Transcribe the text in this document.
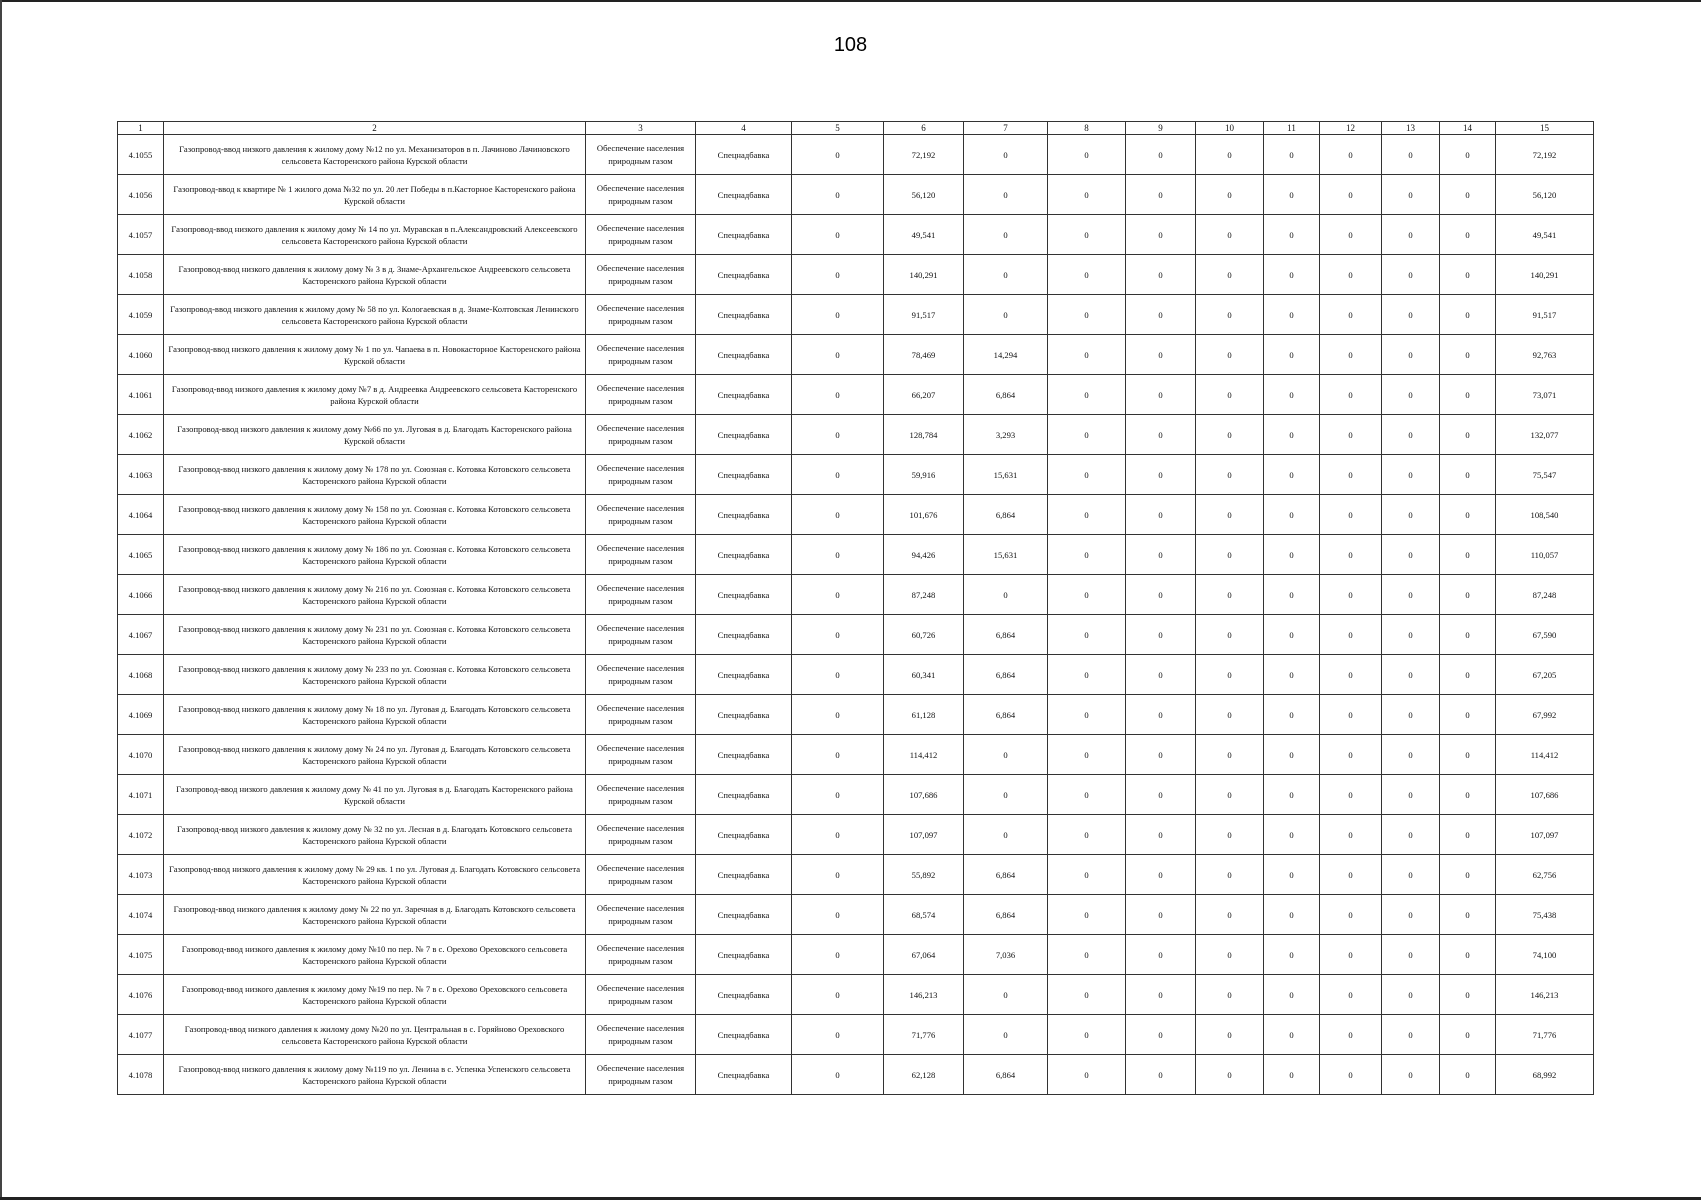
108
1	2	3	4	5	6	7	8	9	10	11	12	13	14	15
4.1055	Газопровод-ввод низкого давления к жилому дому №12 по ул. Механизаторов в п. Лачиново Лачиновского сельсовета Касторенского района Курской области	Обеспечение населения природным газом	Спецнадбавка	0	72,192	0	0	0	0	0	0	0	0	72,192
4.1056	Газопровод-ввод к квартире № 1 жилого дома №32 по ул. 20 лет Победы в п.Касторное Касторенского района Курской области	Обеспечение населения природным газом	Спецнадбавка	0	56,120	0	0	0	0	0	0	0	0	56,120
4.1057	Газопровод-ввод низкого давления к жилому дому № 14 по ул. Муравская в п.Александровский Алексеевского сельсовета Касторенского района Курской области	Обеспечение населения природным газом	Спецнадбавка	0	49,541	0	0	0	0	0	0	0	0	49,541
4.1058	Газопровод-ввод низкого давления к жилому дому № 3 в д. Знаме-Архангельское Андреевского сельсовета Касторенского района Курской области	Обеспечение населения природным газом	Спецнадбавка	0	140,291	0	0	0	0	0	0	0	0	140,291
4.1059	Газопровод-ввод низкого давления к жилому дому № 58 по ул. Кологаевская в д. Знаме-Колтовская Ленинского сельсовета Касторенского района Курской области	Обеспечение населения природным газом	Спецнадбавка	0	91,517	0	0	0	0	0	0	0	0	91,517
4.1060	Газопровод-ввод низкого давления к жилому дому № 1 по ул. Чапаева в п. Новокасторное Касторенского района Курской области	Обеспечение населения природным газом	Спецнадбавка	0	78,469	14,294	0	0	0	0	0	0	0	92,763
4.1061	Газопровод-ввод низкого давления к жилому дому №7 в д. Андреевка Андреевского сельсовета Касторенского района Курской области	Обеспечение населения природным газом	Спецнадбавка	0	66,207	6,864	0	0	0	0	0	0	0	73,071
4.1062	Газопровод-ввод низкого давления к жилому дому №66 по ул. Луговая в д. Благодать Касторенского района Курской области	Обеспечение населения природным газом	Спецнадбавка	0	128,784	3,293	0	0	0	0	0	0	0	132,077
4.1063	Газопровод-ввод низкого давления к жилому дому № 178 по ул. Союзная с. Котовка Котовского сельсовета Касторенского района Курской области	Обеспечение населения природным газом	Спецнадбавка	0	59,916	15,631	0	0	0	0	0	0	0	75,547
4.1064	Газопровод-ввод низкого давления к жилому дому № 158 по ул. Союзная с. Котовка Котовского сельсовета Касторенского района Курской области	Обеспечение населения природным газом	Спецнадбавка	0	101,676	6,864	0	0	0	0	0	0	0	108,540
4.1065	Газопровод-ввод низкого давления к жилому дому № 186 по ул. Союзная с. Котовка Котовского сельсовета Касторенского района Курской области	Обеспечение населения природным газом	Спецнадбавка	0	94,426	15,631	0	0	0	0	0	0	0	110,057
4.1066	Газопровод-ввод низкого давления к жилому дому № 216 по ул. Союзная с. Котовка Котовского сельсовета Касторенского района Курской области	Обеспечение населения природным газом	Спецнадбавка	0	87,248	0	0	0	0	0	0	0	0	87,248
4.1067	Газопровод-ввод низкого давления к жилому дому № 231 по ул. Союзная с. Котовка Котовского сельсовета Касторенского района Курской области	Обеспечение населения природным газом	Спецнадбавка	0	60,726	6,864	0	0	0	0	0	0	0	67,590
4.1068	Газопровод-ввод низкого давления к жилому дому № 233 по ул. Союзная с. Котовка Котовского сельсовета Касторенского района Курской области	Обеспечение населения природным газом	Спецнадбавка	0	60,341	6,864	0	0	0	0	0	0	0	67,205
4.1069	Газопровод-ввод низкого давления к жилому дому № 18 по ул. Луговая д. Благодать Котовского сельсовета Касторенского района Курской области	Обеспечение населения природным газом	Спецнадбавка	0	61,128	6,864	0	0	0	0	0	0	0	67,992
4.1070	Газопровод-ввод низкого давления к жилому дому № 24 по ул. Луговая д. Благодать Котовского сельсовета Касторенского района Курской области	Обеспечение населения природным газом	Спецнадбавка	0	114,412	0	0	0	0	0	0	0	0	114,412
4.1071	Газопровод-ввод низкого давления к жилому дому № 41 по ул. Луговая в д. Благодать Касторенского района Курской области	Обеспечение населения природным газом	Спецнадбавка	0	107,686	0	0	0	0	0	0	0	0	107,686
4.1072	Газопровод-ввод низкого давления к жилому дому № 32 по ул. Лесная в д. Благодать Котовского сельсовета Касторенского района Курской области	Обеспечение населения природным газом	Спецнадбавка	0	107,097	0	0	0	0	0	0	0	0	107,097
4.1073	Газопровод-ввод низкого давления к жилому дому № 29 кв. 1 по ул. Луговая д. Благодать Котовского сельсовета Касторенского района Курской области	Обеспечение населения природным газом	Спецнадбавка	0	55,892	6,864	0	0	0	0	0	0	0	62,756
4.1074	Газопровод-ввод низкого давления к жилому дому № 22 по ул. Заречная в д. Благодать Котовского сельсовета Касторенского района Курской области	Обеспечение населения природным газом	Спецнадбавка	0	68,574	6,864	0	0	0	0	0	0	0	75,438
4.1075	Газопровод-ввод низкого давления к жилому дому №10 по пер. № 7 в с. Орехово Ореховского сельсовета Касторенского района Курской области	Обеспечение населения природным газом	Спецнадбавка	0	67,064	7,036	0	0	0	0	0	0	0	74,100
4.1076	Газопровод-ввод низкого давления к жилому дому №19 по пер. № 7 в с. Орехово Ореховского сельсовета Касторенского района Курской области	Обеспечение населения природным газом	Спецнадбавка	0	146,213	0	0	0	0	0	0	0	0	146,213
4.1077	Газопровод-ввод низкого давления к жилому дому №20 по ул. Центральная в с. Горяйново Ореховского сельсовета Касторенского района Курской области	Обеспечение населения природным газом	Спецнадбавка	0	71,776	0	0	0	0	0	0	0	0	71,776
4.1078	Газопровод-ввод низкого давления к жилому дому №119 по ул. Ленина в с. Успенка Успенского сельсовета Касторенского района Курской области	Обеспечение населения природным газом	Спецнадбавка	0	62,128	6,864	0	0	0	0	0	0	0	68,992
